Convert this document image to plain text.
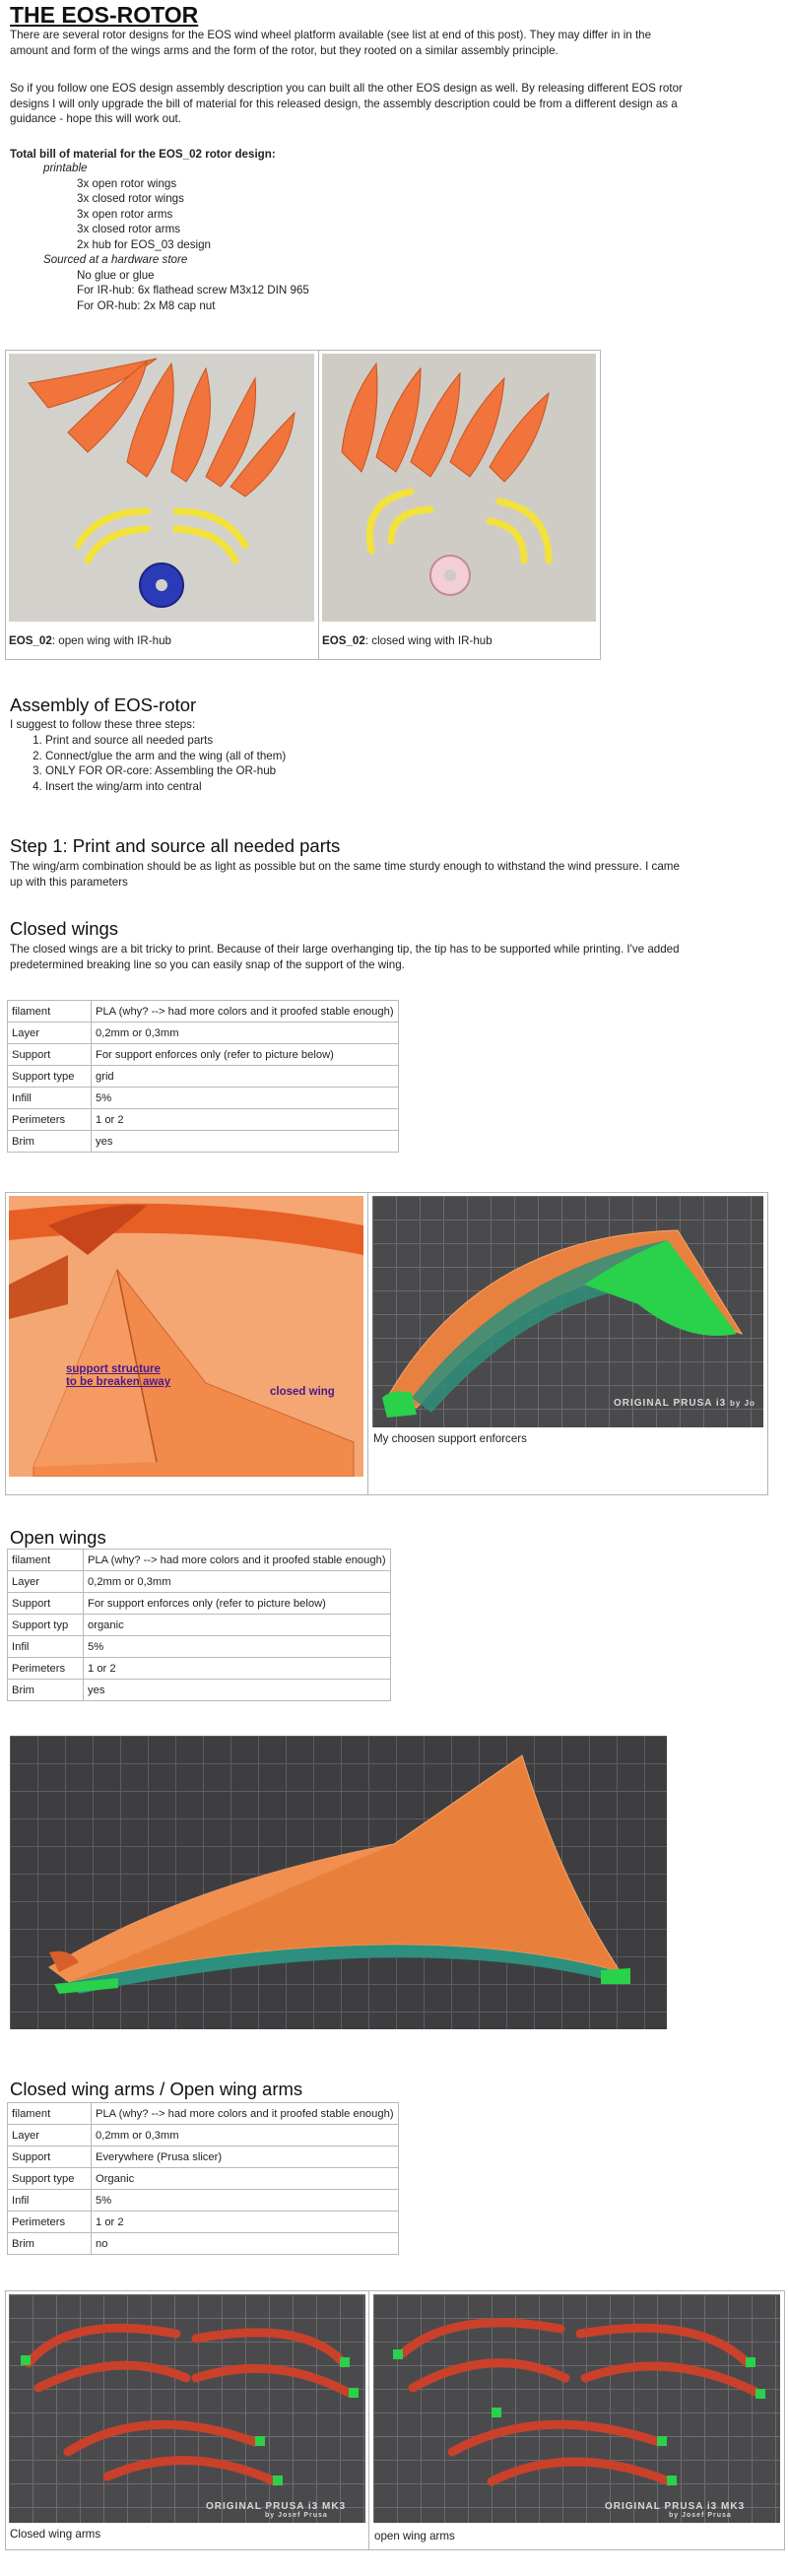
THE EOS-ROTOR

There are several rotor designs for the EOS wind wheel platform available (see list at end of this post). They may differ in in the amount and form of the wings arms and the form of the rotor, but they rooted on a similar assembly principle.

So if you follow one EOS design assembly description you can built all the other EOS design as well. By releasing different EOS rotor designs I will only upgrade the bill of material for this released design, the assembly description could be from a different design as a guidance - hope this will work out.

Total bill of material for the EOS_02 rotor design:

printable
3x open rotor wings
3x closed rotor wings
3x open rotor arms
3x closed rotor arms
2x hub for EOS_03 design
Sourced at a hardware store
No glue or glue
For IR-hub: 6x flathead screw M3x12 DIN 965
For OR-hub: 2x M8 cap nut
EOS_02: open wing with IR-hub	EOS_02: closed wing with IR-hub
Assembly of EOS-rotor

I suggest to follow these three steps:

1. Print and source all needed parts
2. Connect/glue the arm and the wing (all of them)
3. ONLY FOR OR-core: Assembling the OR-hub
4. Insert the wing/arm into central
Step 1: Print and source all needed parts

The wing/arm combination should be as light as possible but on the same time sturdy enough to withstand the wind pressure. I came up with this parameters

Closed wings

The closed wings are a bit tricky to print. Because of their large overhanging tip, the tip has to be supported while printing. I've added predetermined breaking line so you can easily snap of the support of the wing.

filament	PLA (why? --> had more colors and it proofed stable enough)
Layer	0,2mm or 0,3mm
Support	For support enforces only (refer to picture below)
Support type	grid
Infill	5%
Perimeters	1 or 2
Brim	yes
support structure
to be breaken away
closed wing
ORIGINAL PRUSA i3 by Jo
My choosen support enforcers
Open wings
filament	PLA (why? --> had more colors and it proofed stable enough)
Layer	0,2mm or 0,3mm
Support	For support enforces only (refer to picture below)
Support typ	organic
Infil	5%
Perimeters	1 or 2
Brim	yes
Closed wing arms / Open wing arms
filament	PLA (why? --> had more colors and it proofed stable enough)
Layer	0,2mm or 0,3mm
Support	Everywhere (Prusa slicer)
Support type	Organic
Infil	5%
Perimeters	1 or 2
Brim	no
ORIGINAL PRUSA i3 MK3
by Josef Prusa
Closed wing arms
ORIGINAL PRUSA i3 MK3
by Josef Prusa
open wing arms
